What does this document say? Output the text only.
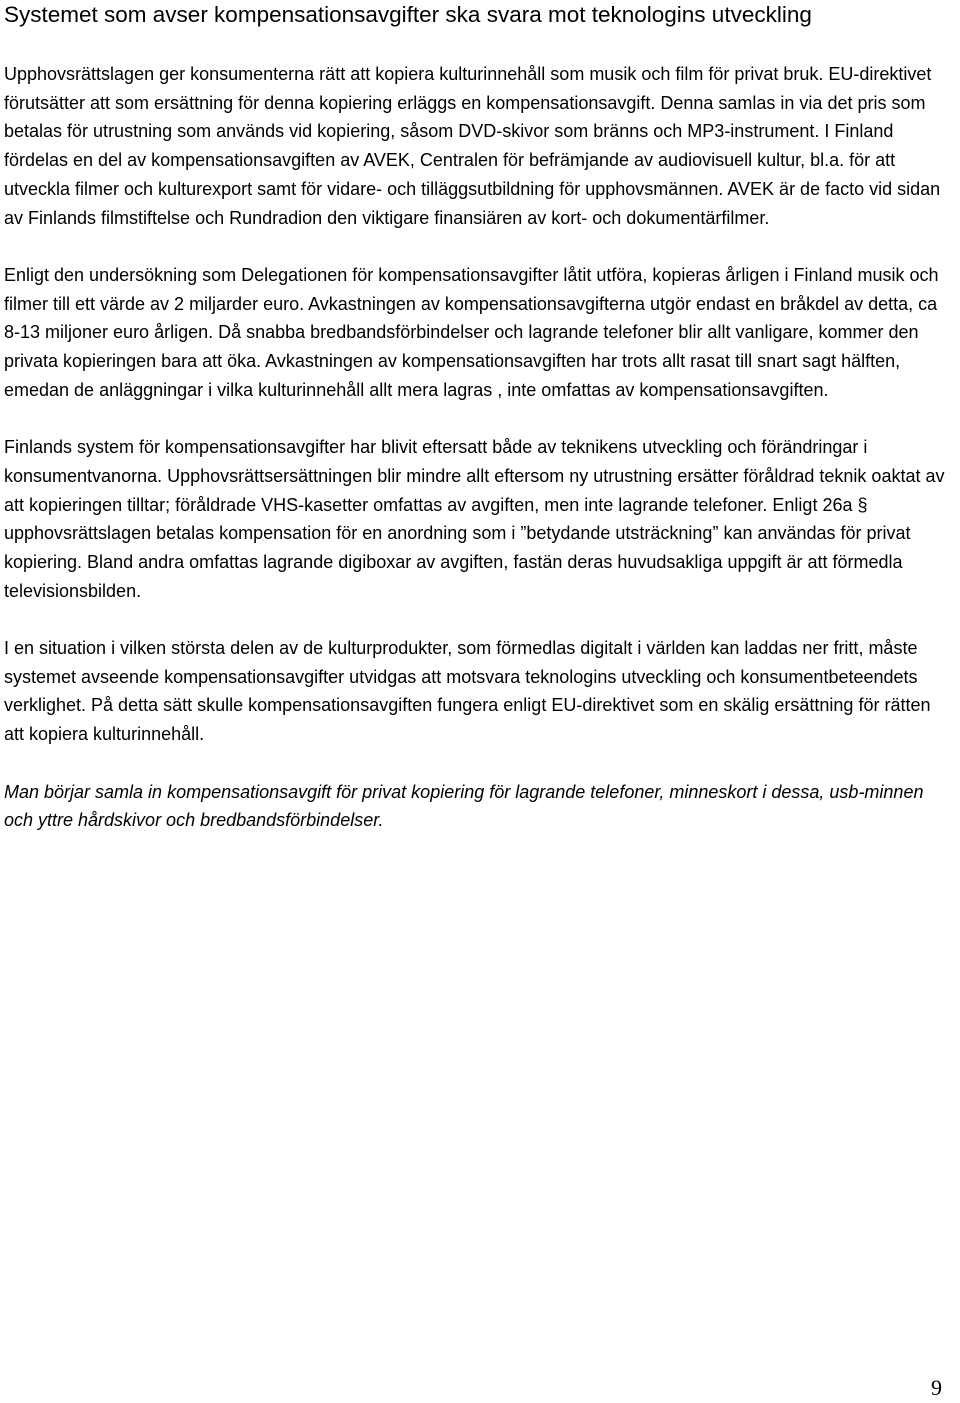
Systemet som avser kompensationsavgifter ska svara mot teknologins utveckling

Upphovsrättslagen ger konsumenterna rätt att kopiera kulturinnehåll som musik och film för privat bruk. EU-direktivet förutsätter att som ersättning för denna kopiering erläggs en kompensationsavgift. Denna samlas in via det pris som betalas för utrustning som används vid kopiering, såsom DVD-skivor som bränns och MP3-instrument. I Finland fördelas en del av kompensationsavgiften av AVEK, Centralen för befrämjande av audiovisuell kultur, bl.a. för att utveckla filmer och kulturexport samt för vidare- och tilläggsutbildning för upphovsmännen. AVEK är de facto vid sidan av Finlands filmstiftelse och Rundradion den viktigare finansiären av kort- och dokumentärfilmer.

Enligt den undersökning som Delegationen för kompensationsavgifter låtit utföra, kopieras årligen i Finland musik och filmer till ett värde av 2 miljarder euro. Avkastningen av kompensationsavgifterna utgör endast en bråkdel av detta, ca 8-13 miljoner euro årligen. Då snabba bredbandsförbindelser och lagrande telefoner blir allt vanligare, kommer den privata kopieringen bara att öka. Avkastningen av kompensationsavgiften har trots allt rasat till snart sagt hälften, emedan de anläggningar i vilka kulturinnehåll allt mera lagras , inte omfattas av kompensationsavgiften.

Finlands system för kompensationsavgifter har blivit eftersatt både av teknikens utveckling och förändringar i konsumentvanorna. Upphovsrättsersättningen blir mindre allt eftersom ny utrustning ersätter föråldrad teknik oaktat av att kopieringen tilltar; föråldrade VHS-kasetter omfattas av avgiften, men inte lagrande telefoner. Enligt 26a § upphovsrättslagen betalas kompensation för en anordning som i ”betydande utsträckning” kan användas för privat kopiering. Bland andra omfattas lagrande digiboxar av avgiften, fastän deras huvudsakliga uppgift är att förmedla televisionsbilden.

I en situation i vilken största delen av de kulturprodukter, som förmedlas digitalt i världen kan laddas ner fritt, måste systemet avseende kompensationsavgifter utvidgas att motsvara teknologins utveckling och konsumentbeteendets verklighet. På detta sätt skulle kompensationsavgiften fungera enligt EU-direktivet som en skälig ersättning för rätten att kopiera kulturinnehåll.

Man börjar samla in kompensationsavgift för privat kopiering för lagrande telefoner, minneskort i dessa, usb-minnen och yttre hårdskivor och bredbandsförbindelser.

9
